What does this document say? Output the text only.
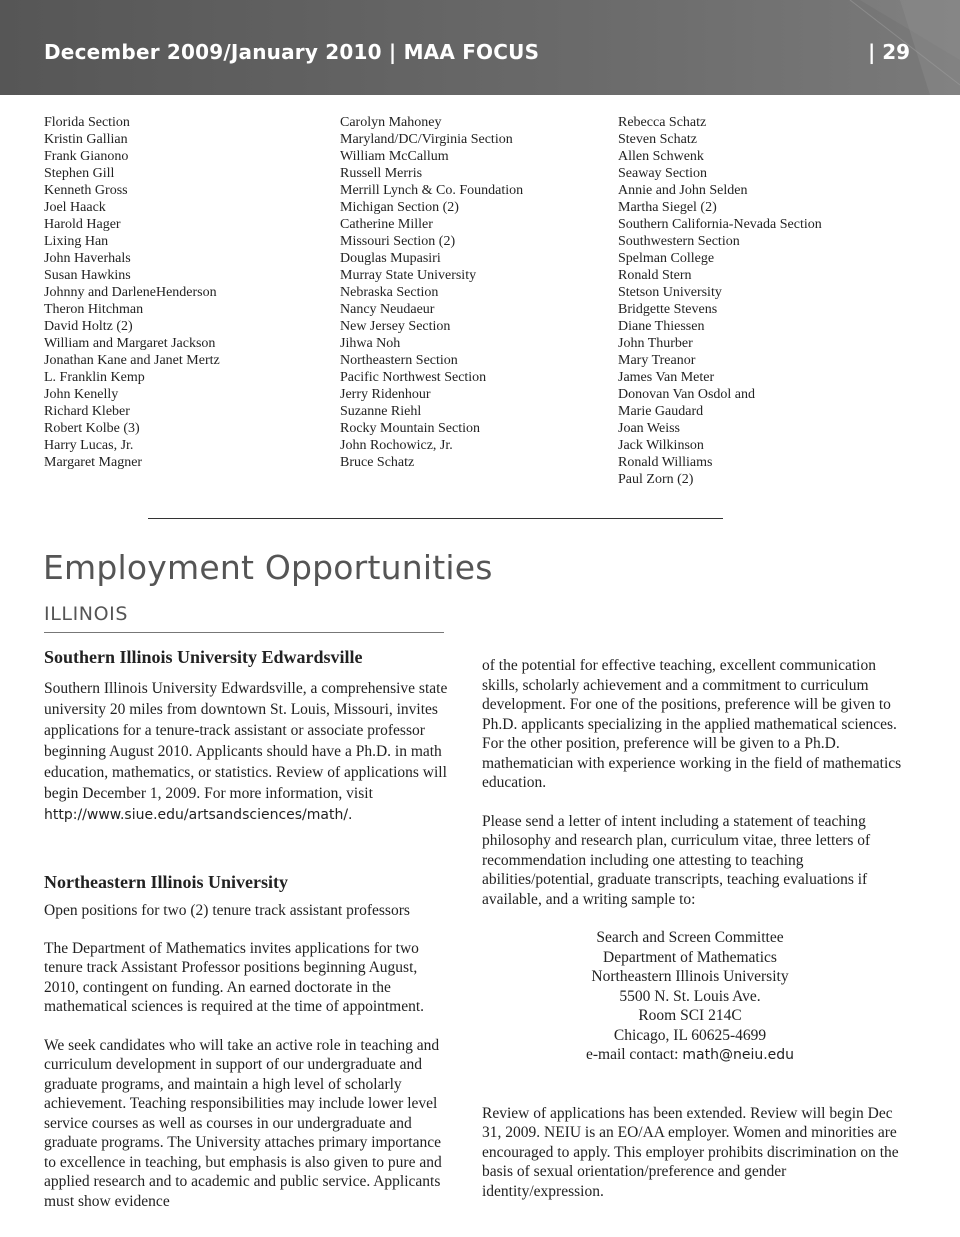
December 2009/January 2010 | MAA FOCUS	| 29
Florida Section
Kristin Gallian
Frank Gianono
Stephen Gill
Kenneth Gross
Joel Haack
Harold Hager
Lixing Han
John Haverhals
Susan Hawkins
Johnny and DarleneHenderson
Theron Hitchman
David Holtz (2)
William and Margaret Jackson
Jonathan Kane and Janet Mertz
L. Franklin Kemp
John Kenelly
Richard Kleber
Robert Kolbe (3)
Harry Lucas, Jr.
Margaret Magner
Carolyn Mahoney
Maryland/DC/Virginia Section
William McCallum
Russell Merris
Merrill Lynch & Co. Foundation
Michigan Section (2)
Catherine Miller
Missouri Section (2)
Douglas Mupasiri
Murray State University
Nebraska Section
Nancy Neudaeur
New Jersey Section
Jihwa Noh
Northeastern Section
Pacific Northwest Section
Jerry Ridenhour
Suzanne Riehl
Rocky Mountain Section
John Rochowicz, Jr.
Bruce Schatz
Rebecca Schatz
Steven Schatz
Allen Schwenk
Seaway Section
Annie and John Selden
Martha Siegel (2)
Southern California-Nevada Section
Southwestern Section
Spelman College
Ronald Stern
Stetson University
Bridgette Stevens
Diane Thiessen
John Thurber
Mary Treanor
James Van Meter
Donovan Van Osdol and
Marie Gaudard
Joan Weiss
Jack Wilkinson
Ronald Williams
Paul Zorn (2)
Employment Opportunities
ILLINOIS
Southern Illinois University Edwardsville

Southern Illinois University Edwardsville, a comprehensive state university 20 miles from downtown St. Louis, Missouri, invites applications for a tenure-track assistant or associate professor beginning August 2010. Applicants should have a Ph.D. in math education, mathematics, or statistics. Review of applications will begin December 1, 2009. For more information, visit http://www.siue.edu/artsandsciences/math/.

Northeastern Illinois University

Open positions for two (2) tenure track assistant professors

The Department of Mathematics invites applications for two tenure track Assistant Professor positions beginning August, 2010, contingent on funding. An earned doctorate in the mathematical sciences is required at the time of appointment.

We seek candidates who will take an active role in teaching and curriculum development in support of our undergraduate and graduate programs, and maintain a high level of scholarly achievement. Teaching responsibilities may include lower level service courses as well as courses in our undergraduate and graduate programs. The University attaches primary importance to excellence in teaching, but emphasis is also given to pure and applied research and to academic and public service. Applicants must show evidence

of the potential for effective teaching, excellent communication skills, scholarly achievement and a commitment to curriculum development. For one of the positions, preference will be given to Ph.D. applicants specializing in the applied mathematical sciences. For the other position, preference will be given to a Ph.D. mathematician with experience working in the field of mathematics education.

Please send a letter of intent including a statement of teaching philosophy and research plan, curriculum vitae, three letters of recommendation including one attesting to teaching abilities/potential, graduate transcripts, teaching evaluations if available, and a writing sample to:

Search and Screen Committee
Department of Mathematics
Northeastern Illinois University
5500 N. St. Louis Ave.
Room SCI 214C
Chicago, IL 60625-4699
e-mail contact: math@neiu.edu

Review of applications has been extended. Review will begin Dec 31, 2009. NEIU is an EO/AA employer. Women and minorities are encouraged to apply. This employer prohibits discrimination on the basis of sexual orientation/preference and gender identity/expression.
